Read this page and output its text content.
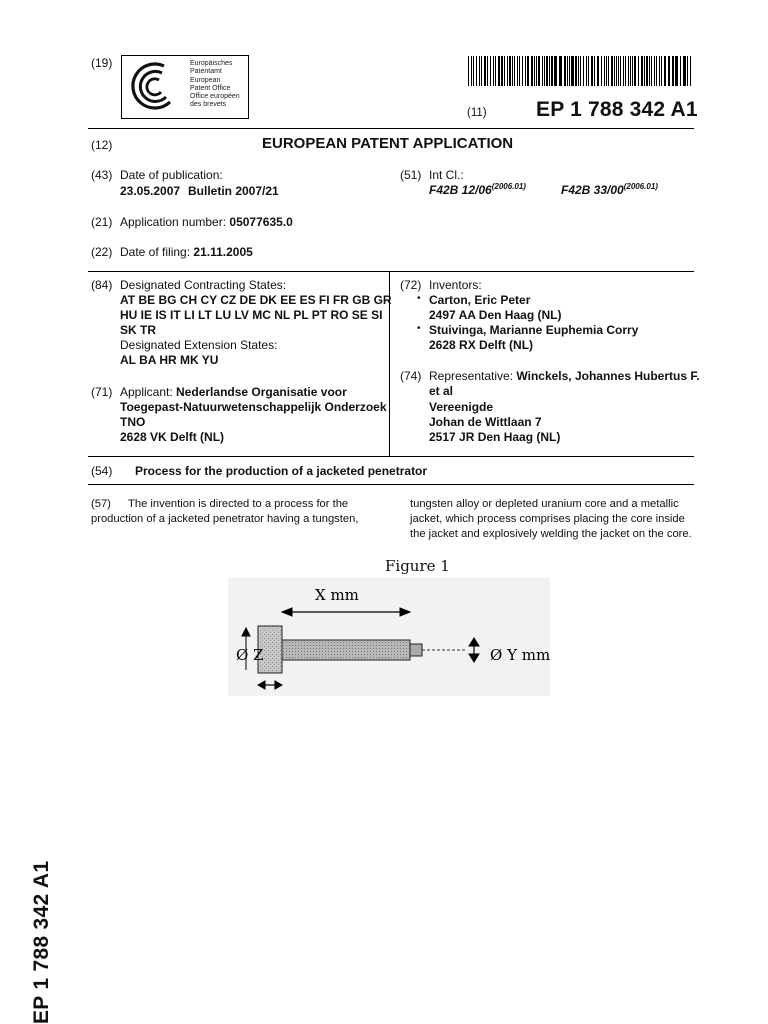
(19)	Europäisches
Patentamt
European
Patent Office
Office européen
des brevets
(11) EP 1 788 342 A1
(12)	EUROPEAN PATENT APPLICATION
(43) Date of publication:
23.05.2007 Bulletin 2007/21
(51) Int Cl.:
F42B $12/06^{(2006.01)}$	F42B $33/00^{(2006.01)}$
(21) Application number: 05077635.0
(22) Date of filing: 21.11.2005
(84) Designated Contracting States:
AT BE BG CH CY CZ DE DK EE ES FI FR GB GR
HU IE IS IT LI LT LU LV MC NL PL PT RO SE SI
SK TR
Designated Extension States:
AL BA HR MK YU
(71) Applicant: Nederlandse Organisatie voor
Toegepast-Natuurwetenschappelijk Onderzoek
TNO
2628 VK Delft (NL)
(72) Inventors:
• Carton, Eric Peter
2497 AA Den Haag (NL)
• Stuivinga, Marianne Euphemia Corry
2628 RX Delft (NL)
(74) Representative: Winckels, Johannes Hubertus F.
et al
Vereenigde
Johan de Wittlaan 7
2517 JR Den Haag (NL)
(54) Process for the production of a jacketed penetrator
(57) The invention is directed to a process for the
production of a jacketed penetrator having a tungsten,
tungsten alloy or depleted uranium core and a metallic
jacket, which process comprises placing the core inside
the jacket and explosively welding the jacket on the core.
Figure 1
X mm
Ø Z	Ø Y mm
EP 1 788 342 A1
